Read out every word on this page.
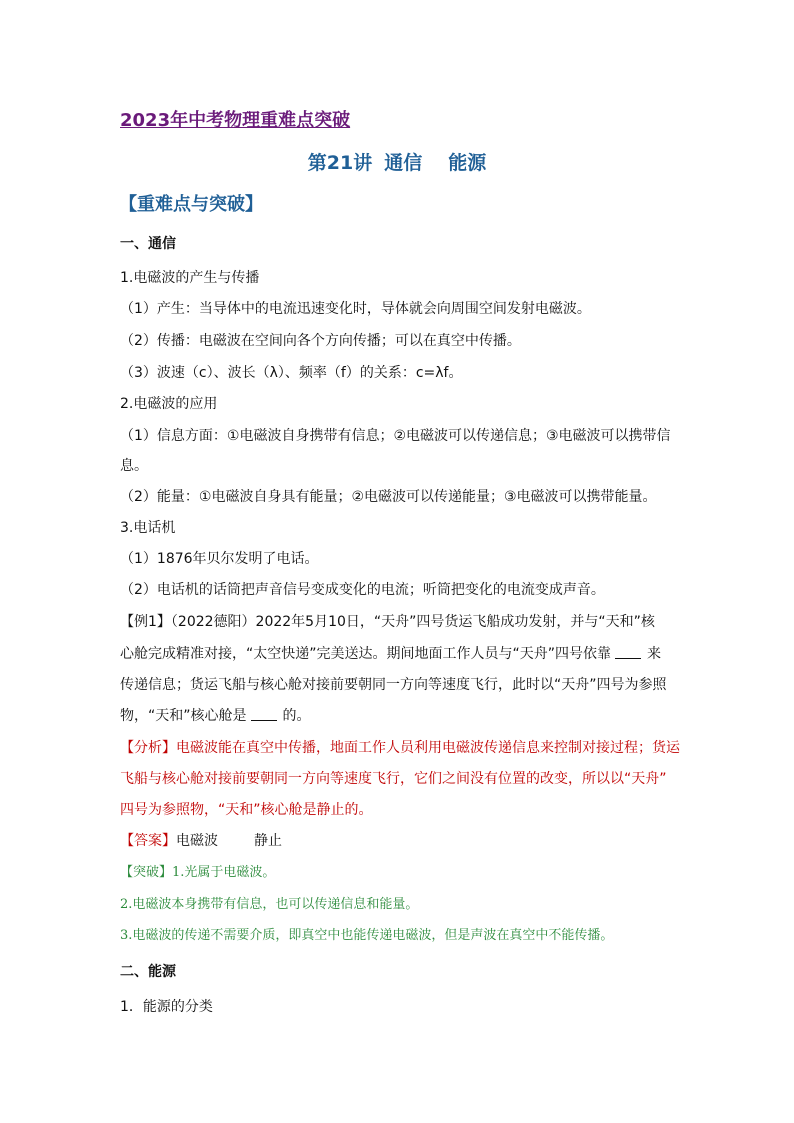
2023年中考物理重难点突破
第21讲 通信 能源
【重难点与突破】
一、通信
1.电磁波的产生与传播
（1）产生：当导体中的电流迅速变化时，导体就会向周围空间发射电磁波。
（2）传播：电磁波在空间向各个方向传播；可以在真空中传播。
（3）波速（c）、波长（λ）、频率（f）的关系：c=λf。
2.电磁波的应用
（1）信息方面：①电磁波自身携带有信息；②电磁波可以传递信息；③电磁波可以携带信
息。
（2）能量：①电磁波自身具有能量；②电磁波可以传递能量；③电磁波可以携带能量。
3.电话机
（1）1876年贝尔发明了电话。
（2）电话机的话筒把声音信号变成变化的电流；听筒把变化的电流变成声音。
【例1】（2022德阳）2022年5月10日，“天舟”四号货运飞船成功发射，并与“天和”核
心舱完成精准对接，“太空快递”完美送达。期间地面工作人员与“天舟”四号依靠	来
传递信息；货运飞船与核心舱对接前要朝同一方向等速度飞行，此时以“天舟”四号为参照
物，“天和”核心舱是	的。
【分析】电磁波能在真空中传播，地面工作人员利用电磁波传递信息来控制对接过程；货运
飞船与核心舱对接前要朝同一方向等速度飞行，它们之间没有位置的改变，所以以“天舟”
四号为参照物，“天和”核心舱是静止的。
【答案】电磁波	静止
【突破】1.光属于电磁波。
2.电磁波本身携带有信息，也可以传递信息和能量。
3.电磁波的传递不需要介质，即真空中也能传递电磁波，但是声波在真空中不能传播。
二、能源
1．能源的分类
